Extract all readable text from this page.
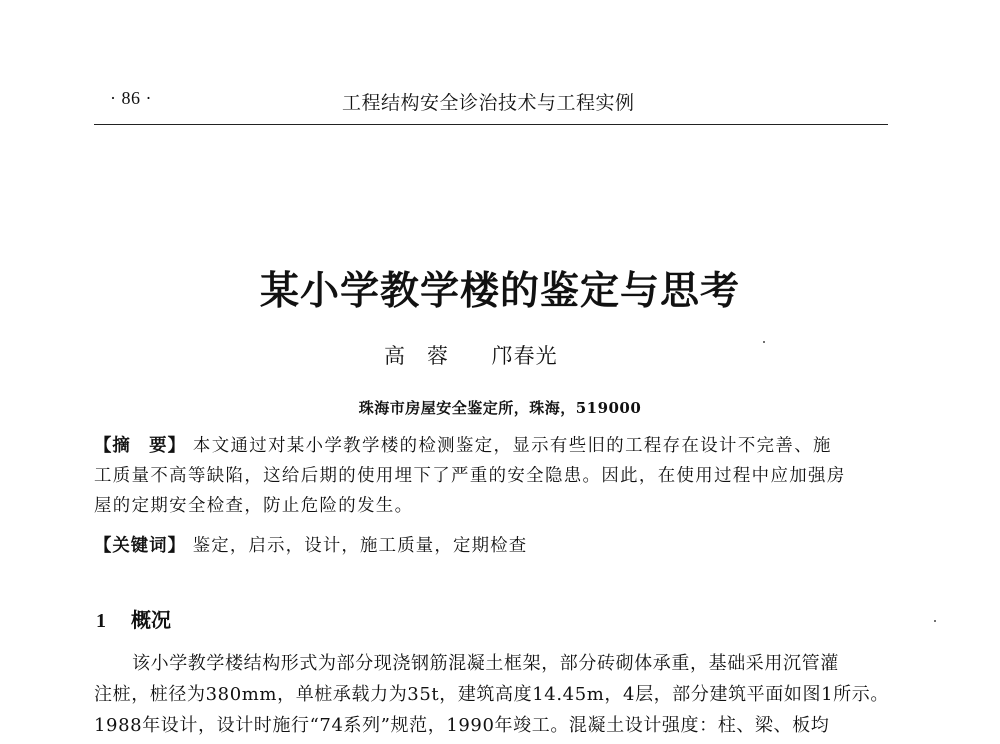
· 86 ·	工程结构安全诊治技术与工程实例
某小学教学楼的鉴定与思考
高蓉 邝春光
珠海市房屋安全鉴定所，珠海，519000
【摘　要】 本文通过对某小学教学楼的检测鉴定，显示有些旧的工程存在设计不完善、施
工质量不高等缺陷，这给后期的使用埋下了严重的安全隐患。因此，在使用过程中应加强房
屋的定期安全检查，防止危险的发生。
【关键词】 鉴定，启示，设计，施工质量，定期检查
1 概况
该小学教学楼结构形式为部分现浇钢筋混凝土框架，部分砖砌体承重，基础采用沉管灌
注桩，桩径为380mm，单桩承载力为35t，建筑高度14.45m，4层，部分建筑平面如图1所示。
1988年设计，设计时施行“74系列”规范，1990年竣工。混凝土设计强度：柱、梁、板均
